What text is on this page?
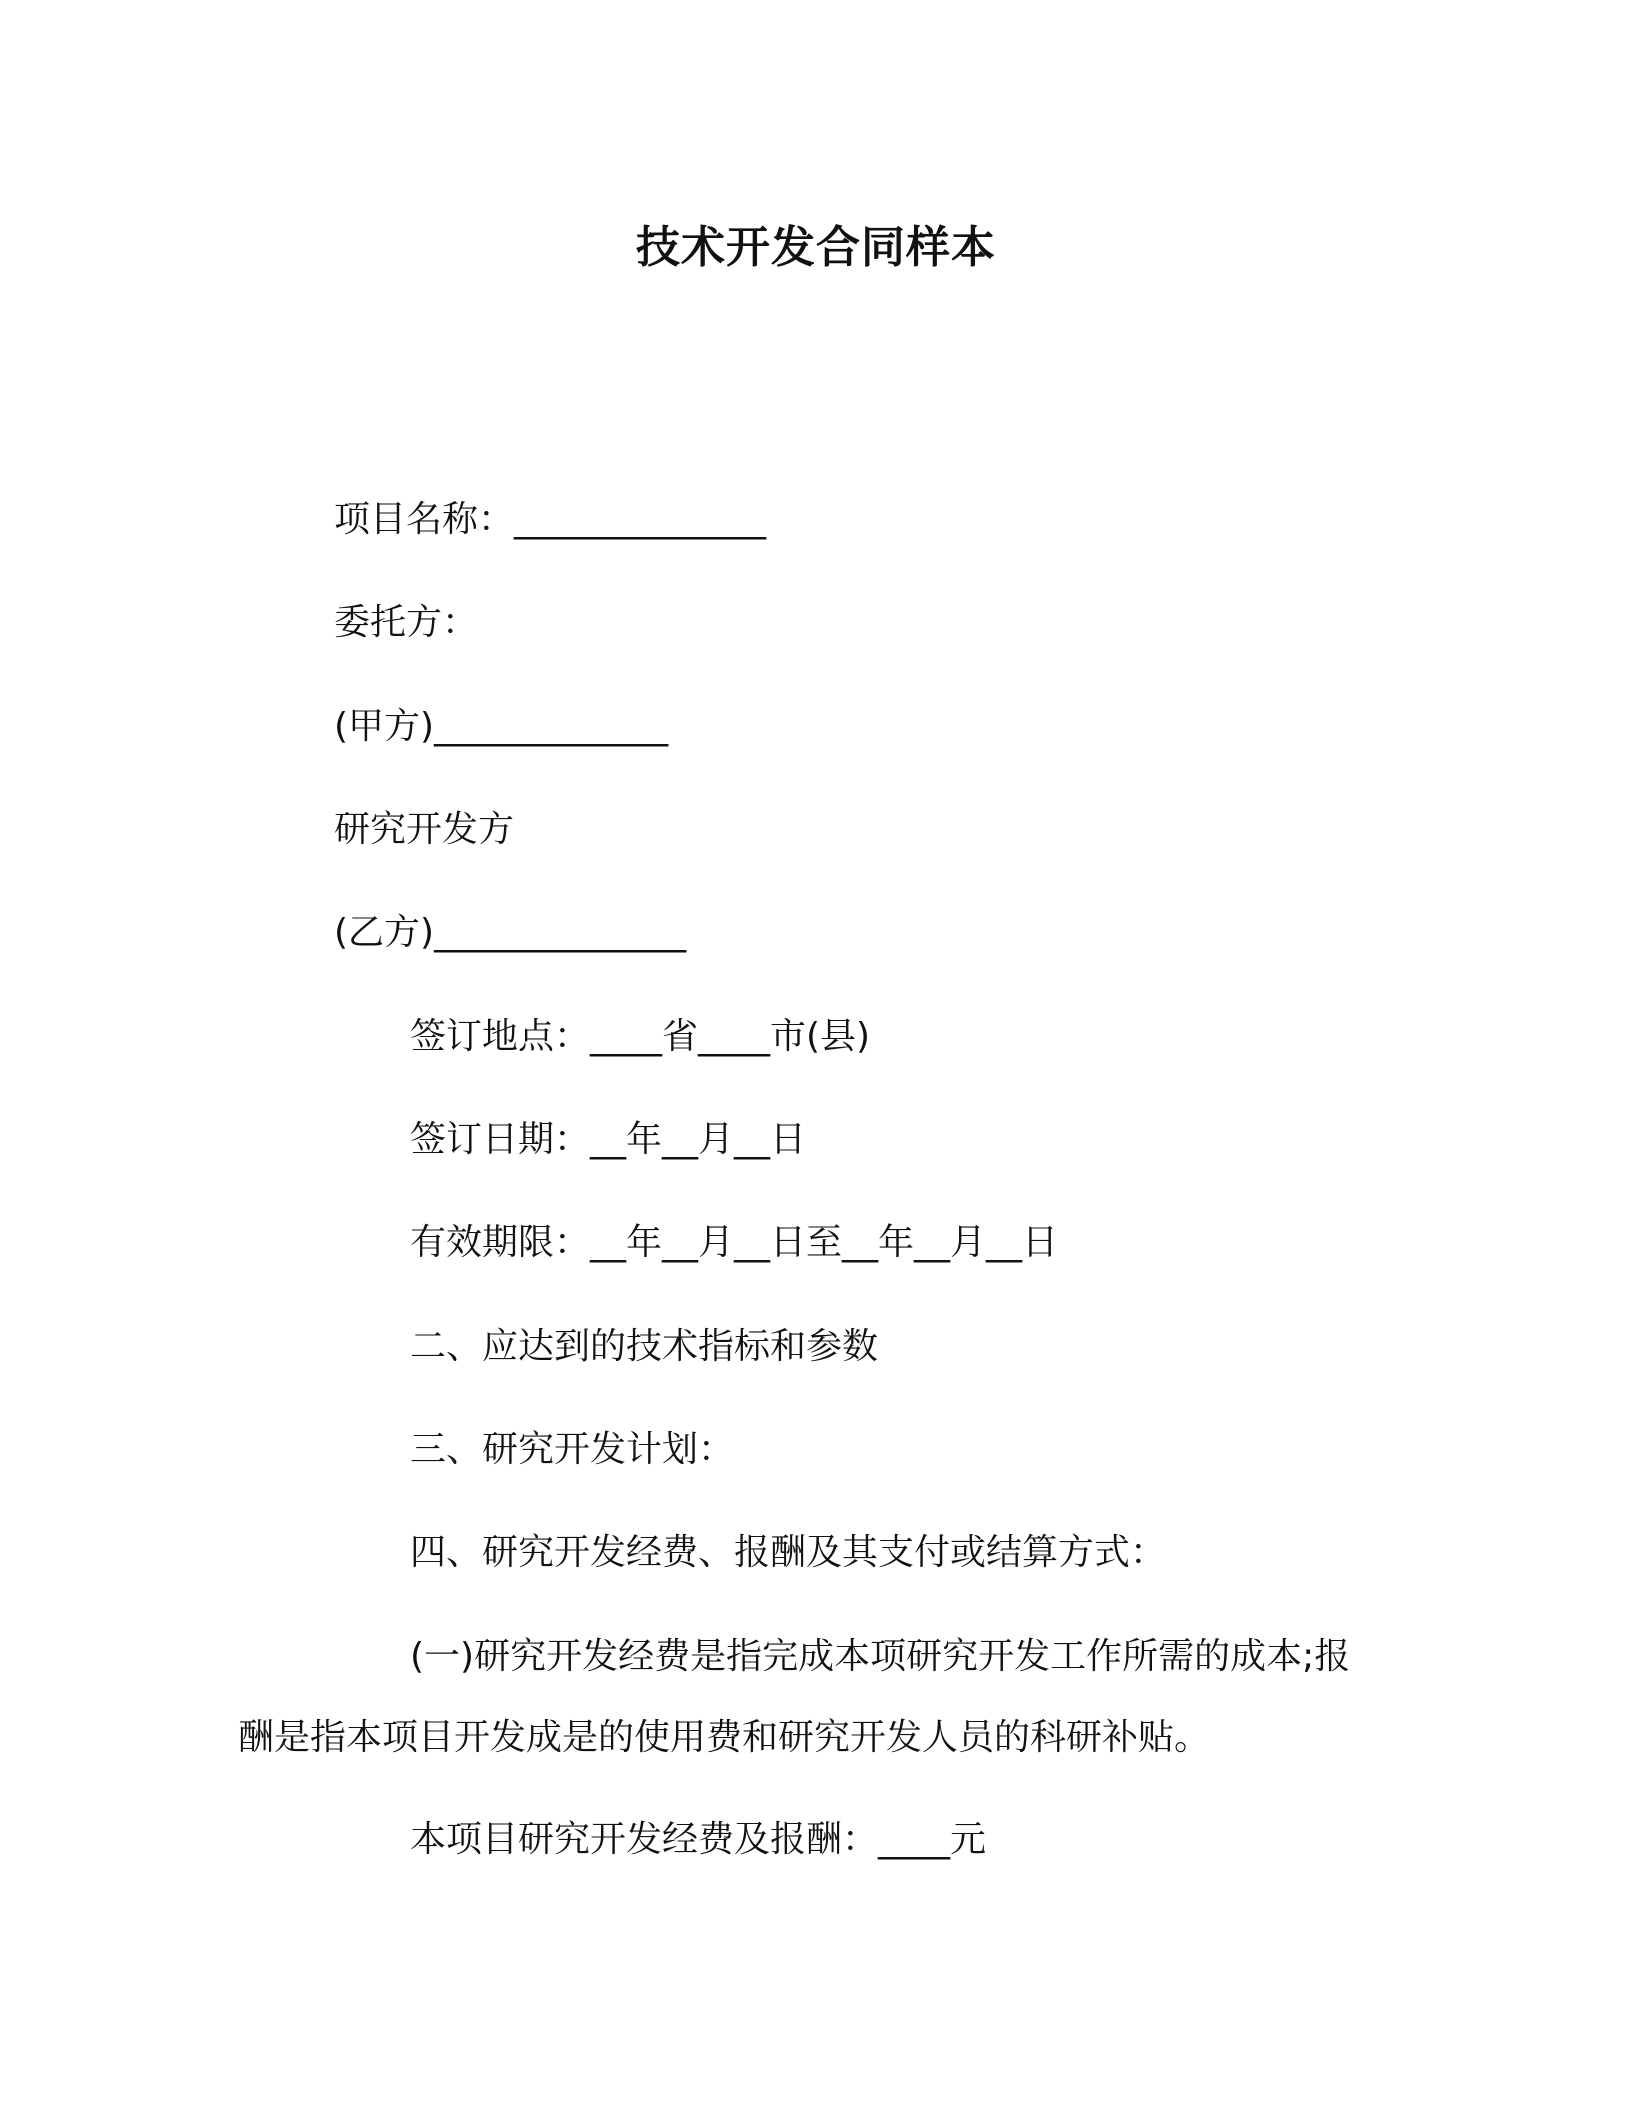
技术开发合同样本
项目名称：______________
委托方：
(甲方)_____________
研究开发方
(乙方)______________
签订地点：____省____市(县)
签订日期：__年__月__日
有效期限：__年__月__日至__年__月__日
二、应达到的技术指标和参数
三、研究开发计划：
四、研究开发经费、报酬及其支付或结算方式：
(一)研究开发经费是指完成本项研究开发工作所需的成本;报
酬是指本项目开发成是的使用费和研究开发人员的科研补贴。
本项目研究开发经费及报酬：____元
